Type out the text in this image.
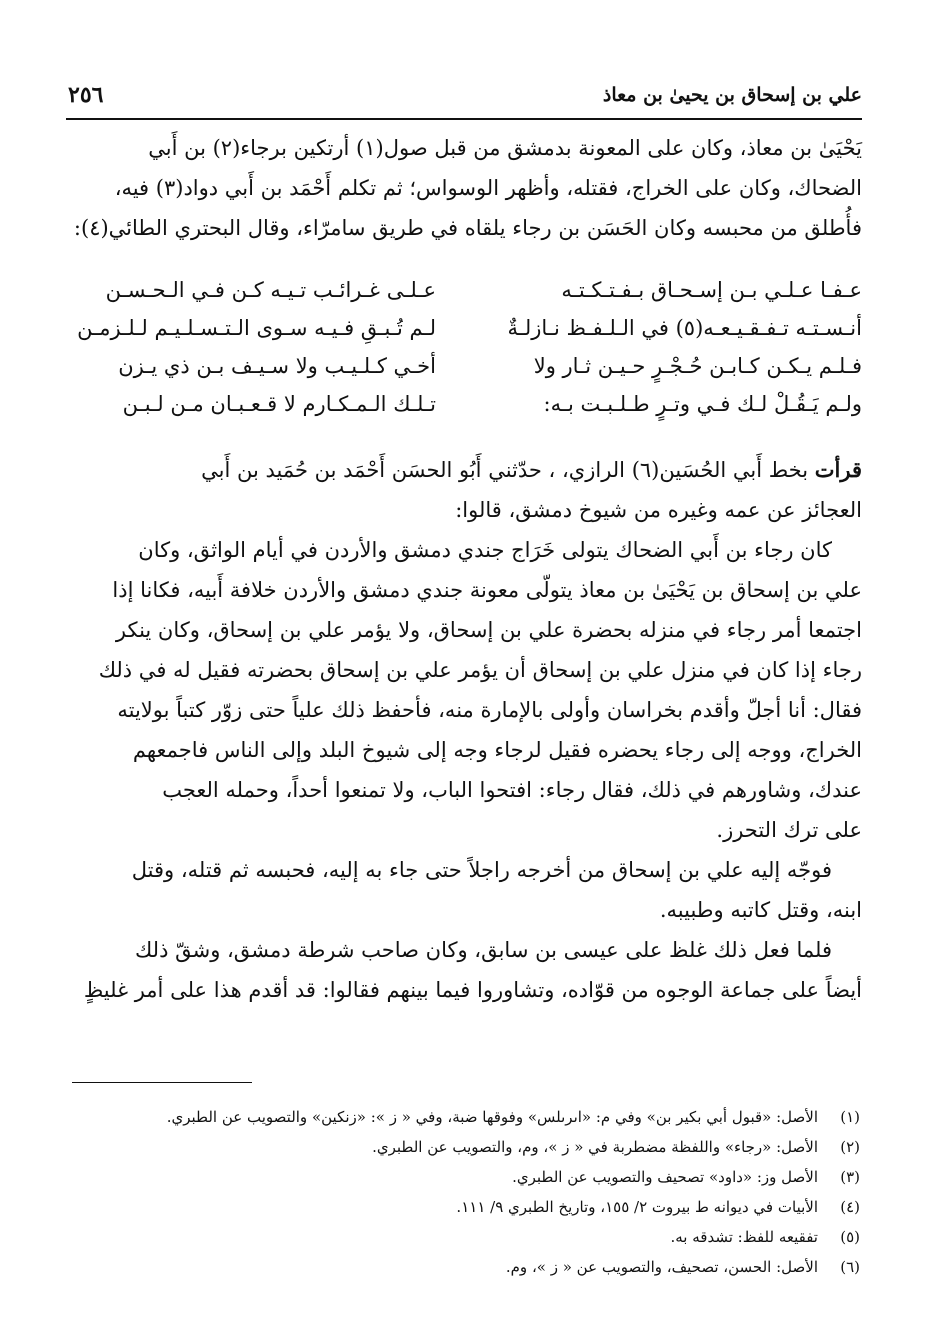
علي بن إسحاق بن يحيىٰ بن معاذ
٢٥٦

يَحْيَىٰ بن معاذ، وكان على المعونة بدمشق من قبل صول(١) أرتكين برجاء(٢) بن أَبي

الضحاك، وكان على الخراج، فقتله، وأظهر الوسواس؛ ثم تكلم أَحْمَد بن أَبي دواد(٣) فيه،

فأُطلق من محبسه وكان الحَسَن بن رجاء يلقاه في طريق سامرّاء، وقال البحتري الطائي(٤):

عـفـا عـلـي بـن إسـحـاق بـفـتـكـتـه
عـلـى غـرائـب تـيـه كـن فـي الـحـسـن
أنـسـتـه تـفـقـيـعـه(٥) في الـلـفـظ نـازلـةٌ
لـم تُـبـقِ فـيـه سـوى الـتـسـلـيـم لـلـزمـن
فـلـم يـكـن كـابـن حُـجْـرٍ حـيـن ثـار ولا
أخـي كـلـيـب ولا سـيـف بـن ذي يـزن
ولـم يَـقُـلْ لـك فـي وتـرٍ طـلـبـت بـه:
تـلـك الـمـكـارم لا قـعـبـان مـن لـبـن

قرأت بخط أَبي الحُسَين(٦) الرازي، ، حدّثني أَبُو الحسَن أَحْمَد بن حُمَيد بن أَبي

العجائز عن عمه وغيره من شيوخ دمشق، قالوا:

كان رجاء بن أَبي الضحاك يتولى خَرَاج جندي دمشق والأردن في أيام الواثق، وكان

علي بن إسحاق بن يَحْيَىٰ بن معاذ يتولّى معونة جندي دمشق والأردن خلافة أَبيه، فكانا إذا

اجتمعا أمر رجاء في منزله بحضرة علي بن إسحاق، ولا يؤمر علي بن إسحاق، وكان ينكر

رجاء إذا كان في منزل علي بن إسحاق أن يؤمر علي بن إسحاق بحضرته فقيل له في ذلك

فقال: أنا أجلّ وأقدم بخراسان وأولى بالإمارة منه، فأحفظ ذلك علياً حتى زوّر كتباً بولايته

الخراج، ووجه إلى رجاء يحضره فقيل لرجاء وجه إلى شيوخ البلد وإلى الناس فاجمعهم

عندك، وشاورهم في ذلك، فقال رجاء: افتحوا الباب، ولا تمنعوا أحداً، وحمله العجب

على ترك التحرز.

فوجّه إليه علي بن إسحاق من أخرجه راجلاً حتى جاء به إليه، فحبسه ثم قتله، وقتل

ابنه، وقتل كاتبه وطبيبه.

فلما فعل ذلك غلظ على عيسى بن سابق، وكان صاحب شرطة دمشق، وشقّ ذلك

أيضاً على جماعة الوجوه من قوّاده، وتشاوروا فيما بينهم فقالوا: قد أقدم هذا على أمر غليظٍ

(١)الأصل: «قبول أبي بكير بن» وفي م: «اىرىلس» وفوقها ضبة، وفي « ز »: «زنكين» والتصويب عن الطبري.
(٢)الأصل: «رجاء» واللفظة مضطربة في « ز »، وم، والتصويب عن الطبري.
(٣)الأصل وز: «داود» تصحيف والتصويب عن الطبري.
(٤)الأبيات في ديوانه ط بيروت ٢/ ١٥٥، وتاريخ الطبري ٩/ ١١١.
(٥)تفقيعه للفظ: تشدقه به.
(٦)الأصل: الحسن، تصحيف، والتصويب عن « ز »، وم.
